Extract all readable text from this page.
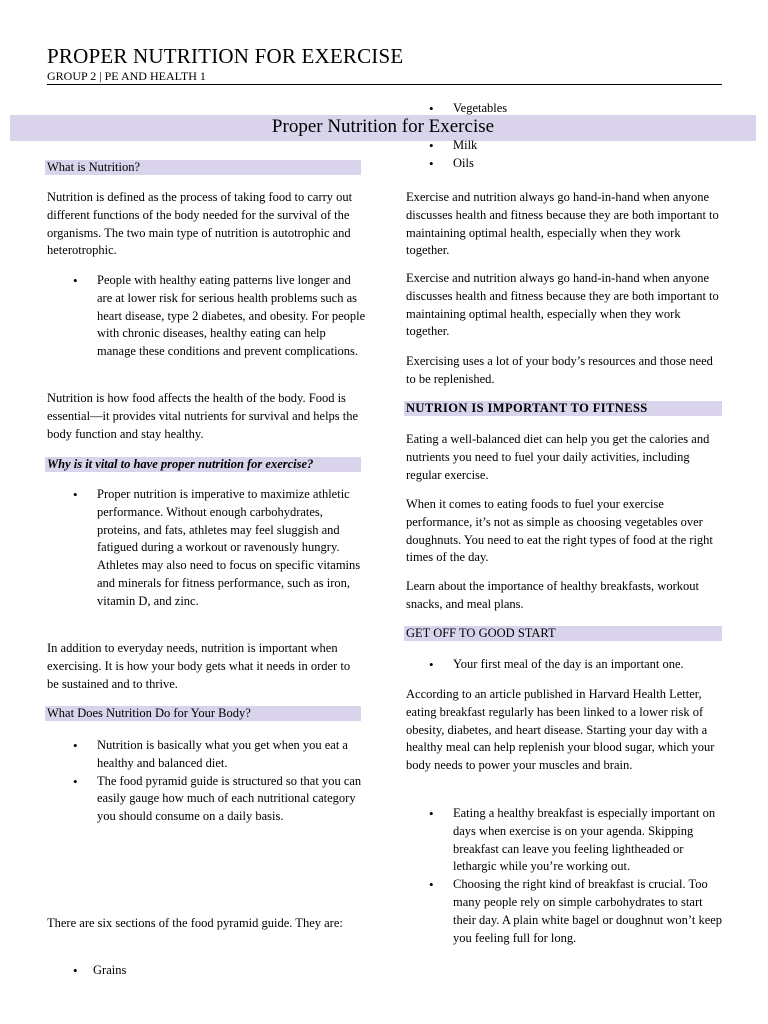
PROPER NUTRITION FOR EXERCISE
GROUP 2 | PE AND HEALTH 1
• Vegetables
Proper Nutrition for Exercise
• Milk
• Oils
What is Nutrition?

Nutrition is defined as the process of taking food to carry out different functions of the body needed for the survival of the organisms. The two main type of nutrition is autotrophic and heterotrophic.

• People with healthy eating patterns live longer and are at lower risk for serious health problems such as heart disease, type 2 diabetes, and obesity. For people with chronic diseases, healthy eating can help manage these conditions and prevent complications.

Nutrition is how food affects the health of the body. Food is essential—it provides vital nutrients for survival and helps the body function and stay healthy.

Why is it vital to have proper nutrition for exercise?
• Proper nutrition is imperative to maximize athletic performance. Without enough carbohydrates, proteins, and fats, athletes may feel sluggish and fatigued during a workout or ravenously hungry. Athletes may also need to focus on specific vitamins and minerals for fitness performance, such as iron, vitamin D, and zinc.

In addition to everyday needs, nutrition is important when exercising. It is how your body gets what it needs in order to be sustained and to thrive.

What Does Nutrition Do for Your Body?
• Nutrition is basically what you get when you eat a healthy and balanced diet.
• The food pyramid guide is structured so that you can easily gauge how much of each nutritional category you should consume on a daily basis.

There are six sections of the food pyramid guide. They are:

• Grains

Exercise and nutrition always go hand-in-hand when anyone discusses health and fitness because they are both important to maintaining optimal health, especially when they work together.

Exercise and nutrition always go hand-in-hand when anyone discusses health and fitness because they are both important to maintaining optimal health, especially when they work together.

Exercising uses a lot of your body’s resources and those need to be replenished.

NUTRION IS IMPORTANT TO FITNESS

Eating a well-balanced diet can help you get the calories and nutrients you need to fuel your daily activities, including regular exercise.

When it comes to eating foods to fuel your exercise performance, it’s not as simple as choosing vegetables over doughnuts. You need to eat the right types of food at the right times of the day.

Learn about the importance of healthy breakfasts, workout snacks, and meal plans.

GET OFF TO GOOD START
• Your first meal of the day is an important one.

According to an article published in Harvard Health Letter, eating breakfast regularly has been linked to a lower risk of obesity, diabetes, and heart disease. Starting your day with a healthy meal can help replenish your blood sugar, which your body needs to power your muscles and brain.

• Eating a healthy breakfast is especially important on days when exercise is on your agenda. Skipping breakfast can leave you feeling lightheaded or lethargic while you’re working out.
• Choosing the right kind of breakfast is crucial. Too many people rely on simple carbohydrates to start their day. A plain white bagel or doughnut won’t keep you feeling full for long.
